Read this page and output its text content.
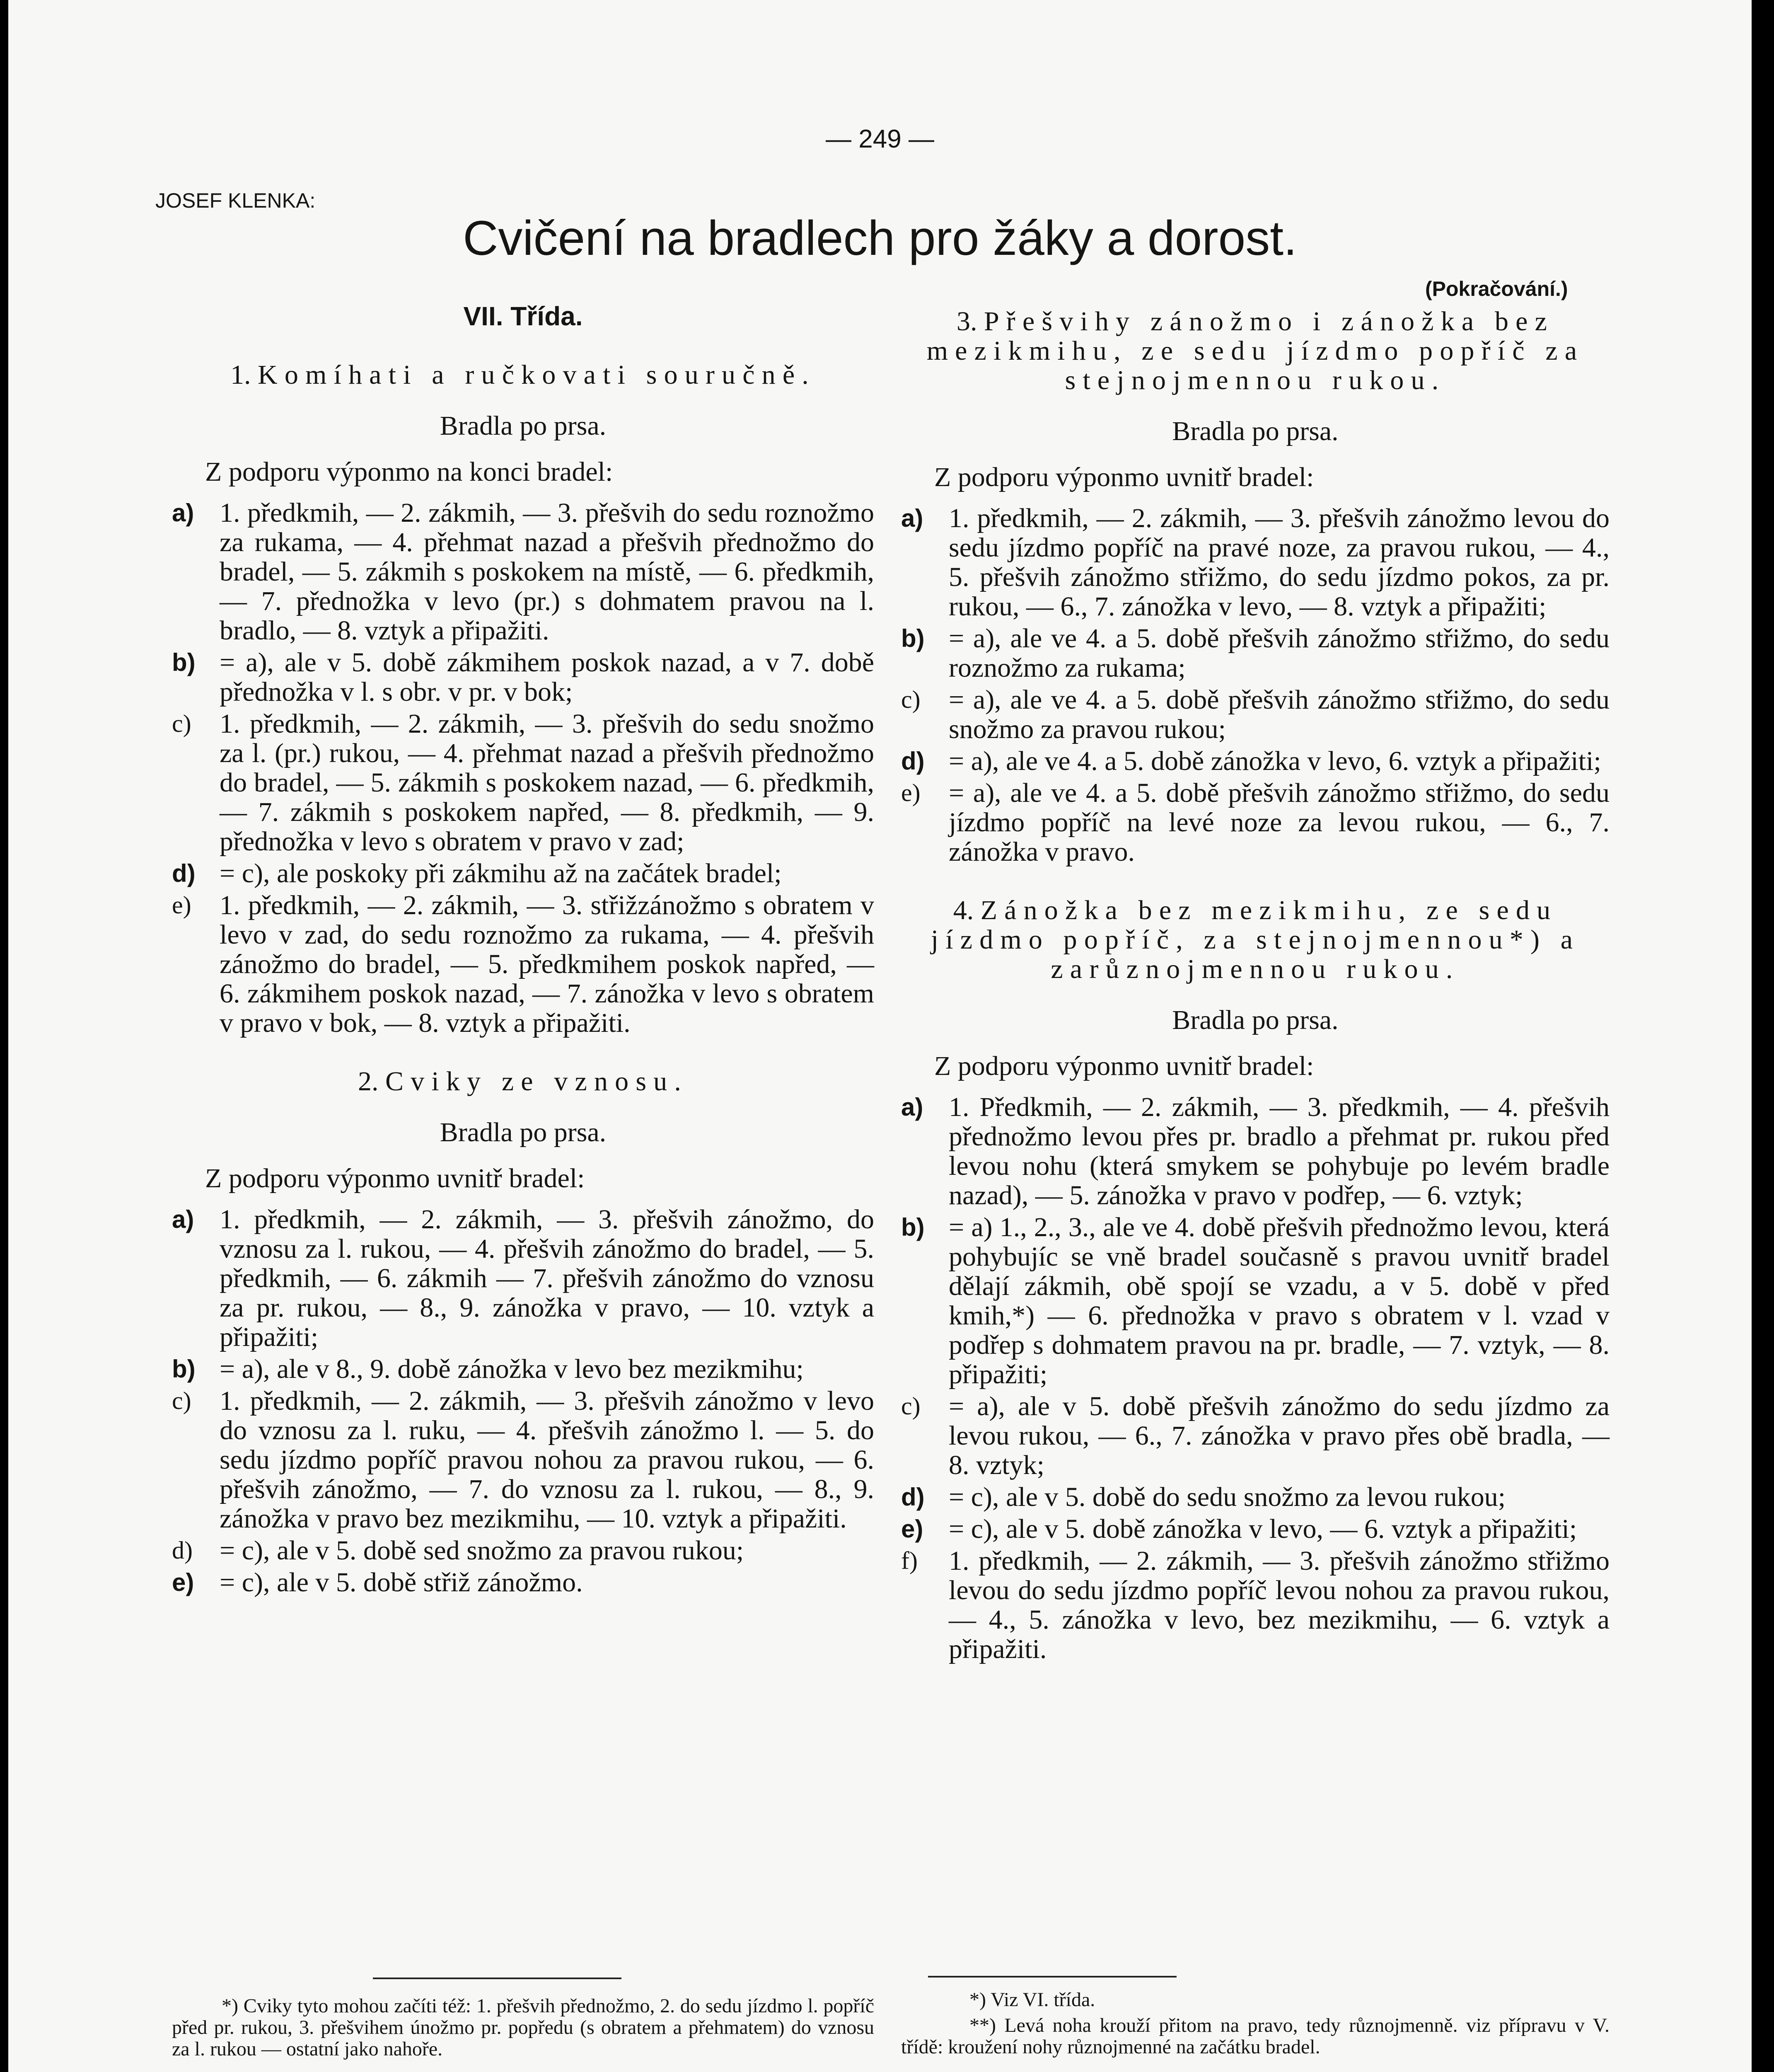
— 249 —
JOSEF KLENKA:
Cvičení na bradlech pro žáky a dorost.
(Pokračování.)
VII. Třída.
1. Komíhati a ručkovati souručně.
Bradla po prsa.
Z podporu výponmo na konci bradel:
a) 1. předkmih, — 2. zákmih, — 3. přešvih do sedu roznožmo za rukama, — 4. přehmat nazad a přešvih přednožmo do bradel, — 5. zákmih s poskokem na místě, — 6. předkmih, — 7. přednožka v levo (pr.) s dohmatem pravou na l. bradlo, — 8. vztyk a připažiti.
b) = a), ale v 5. době zákmihem poskok nazad, a v 7. době přednožka v l. s obr. v pr. v bok;
c)	1. předkmih, — 2. zákmih, — 3. přešvih do sedu snožmo za l. (pr.) rukou, — 4. přehmat nazad a přešvih přednožmo do bradel, — 5. zákmih s poskokem nazad, — 6. předkmih, — 7. zákmih s poskokem napřed, — 8. předkmih, — 9. přednožka v levo s obratem v pravo v zad;
d) = c), ale poskoky při zákmihu až na začátek bradel;
e)	1. předkmih, — 2. zákmih, — 3. střižzánožmo s obratem v levo v zad, do sedu roznožmo za rukama, — 4. přešvih zánožmo do bradel, — 5. předkmihem poskok napřed, — 6. zákmihem poskok nazad, — 7. zánožka v levo s obratem v pravo v bok, — 8. vztyk a připažiti.
2. Cviky ze vznosu.
Bradla po prsa.
Z podporu výponmo uvnitř bradel:
a) 1. předkmih, — 2. zákmih, — 3. přešvih zánožmo, do vznosu za l. rukou, — 4. přešvih zánožmo do bradel, — 5. předkmih, — 6. zákmih — 7. přešvih zánožmo do vznosu za pr. rukou, — 8., 9. zánožka v pravo, — 10. vztyk a připažiti;
b) = a), ale v 8., 9. době zánožka v levo bez mezikmihu;
c)	1. předkmih, — 2. zákmih, — 3. přešvih zánožmo v levo do vznosu za l. ruku, — 4. přešvih zánožmo l. — 5. do sedu jízdmo popříč pravou nohou za pravou rukou, — 6. přešvih zánožmo, — 7. do vznosu za l. rukou, — 8., 9. zánožka v pravo bez mezikmihu, — 10. vztyk a připažiti.
d) = c), ale v 5. době sed snožmo za pravou rukou;
e) = c), ale v 5. době střiž zánožmo.
*) Cviky tyto mohou začíti též: 1. přešvih přednožmo, 2. do sedu jízdmo l. popříč před pr. rukou, 3. přešvihem únožmo pr. popředu (s obratem a přehmatem) do vznosu za l. rukou — ostatní jako nahoře.
3. Přešvihy zánožmo i zánožka bez mezikmihu, ze sedu jízdmo popříč za stejnojmennou rukou.
Bradla po prsa.
Z podporu výponmo uvnitř bradel:
a) 1. předkmih, — 2. zákmih, — 3. přešvih zánožmo levou do sedu jízdmo popříč na pravé noze, za pravou rukou, — 4., 5. přešvih zánožmo střižmo, do sedu jízdmo pokos, za pr. rukou, — 6., 7. zánožka v levo, — 8. vztyk a připažiti;
b) = a), ale ve 4. a 5. době přešvih zánožmo střižmo, do sedu roznožmo za rukama;
c)	= a), ale ve 4. a 5. době přešvih zánožmo střižmo, do sedu snožmo za pravou rukou;
d) = a), ale ve 4. a 5. době zánožka v levo, 6. vztyk a připažiti;
e)	= a), ale ve 4. a 5. době přešvih zánožmo střižmo, do sedu jízdmo popříč na levé noze za levou rukou, — 6., 7. zánožka v pravo.
4. Zánožka bez mezikmihu, ze sedu jízdmo popříč, za stejnojmennou*) a zarůznojmennou rukou.
Bradla po prsa.
Z podporu výponmo uvnitř bradel:
a) 1. Předkmih, — 2. zákmih, — 3. předkmih, — 4. přešvih přednožmo levou přes pr. bradlo a přehmat pr. rukou před levou nohu (která smykem se pohybuje po levém bradle nazad), — 5. zánožka v pravo v podřep, — 6. vztyk;
b) = a) 1., 2., 3., ale ve 4. době přešvih přednožmo levou, která pohybujíc se vně bradel současně s pravou uvnitř bradel dělají zákmih, obě spojí se vzadu, a v 5. době v před kmih,*) — 6. přednožka v pravo s obratem v l. vzad v podřep s dohmatem pravou na pr. bradle, — 7. vztyk, — 8. připažiti;
c)	= a), ale v 5. době přešvih zánožmo do sedu jízdmo za levou rukou, — 6., 7. zánožka v pravo přes obě bradla, — 8. vztyk;
d) = c), ale v 5. době do sedu snožmo za levou rukou;
e) = c), ale v 5. době zánožka v levo, — 6. vztyk a připažiti;
f)	1. předkmih, — 2. zákmih, — 3. přešvih zánožmo střižmo levou do sedu jízdmo popříč levou nohou za pravou rukou, — 4., 5. zánožka v levo, bez mezikmihu, — 6. vztyk a připažiti.
*) Viz VI. třída.
**) Levá noha krouží přitom na pravo, tedy různojmenně. viz přípravu v V. třídě: kroužení nohy různojmenné na začátku bradel.
